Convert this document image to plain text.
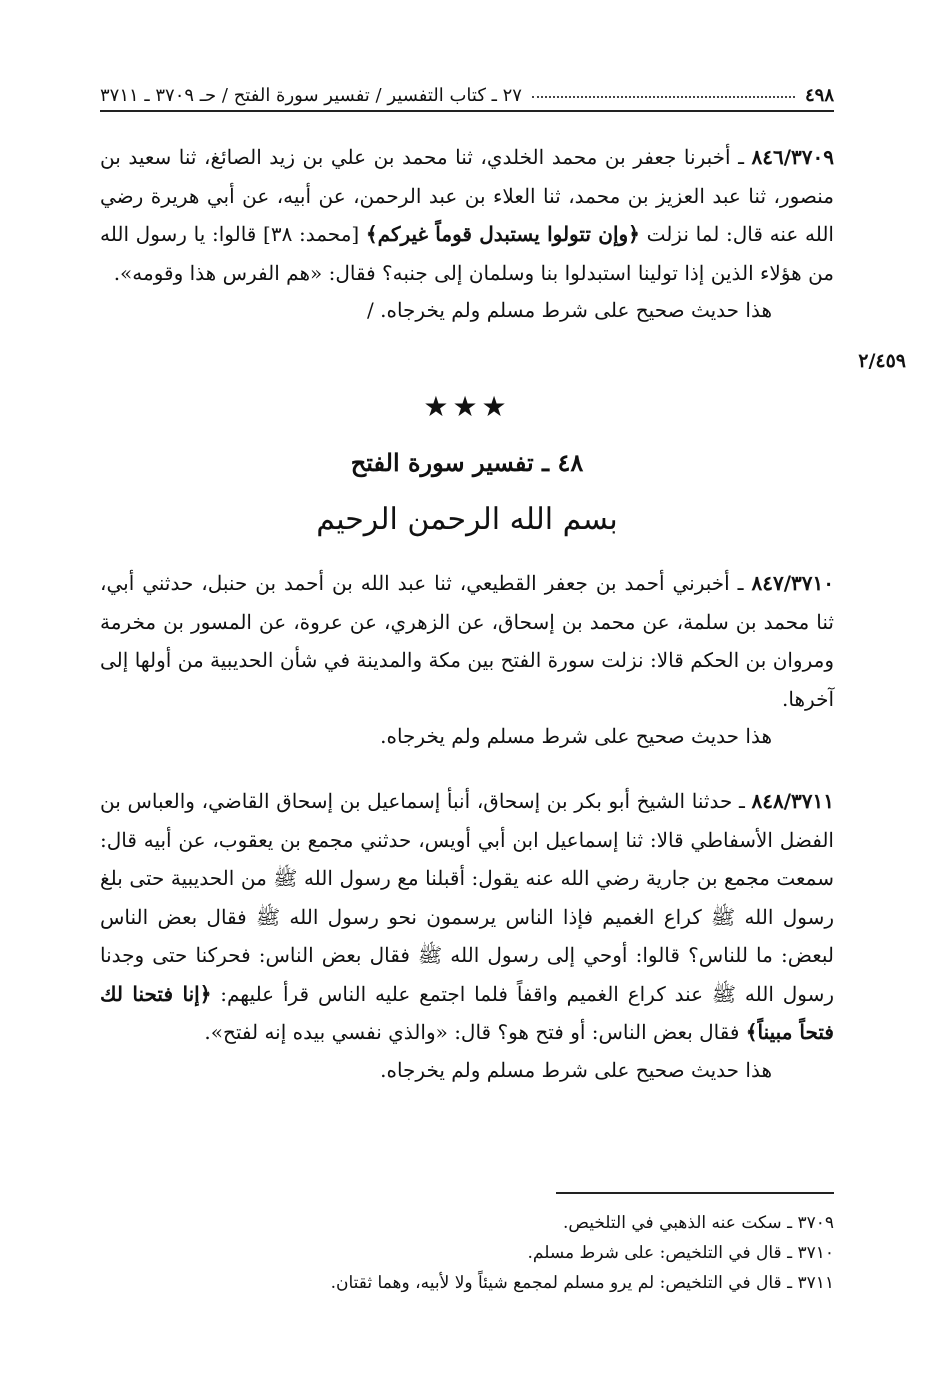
٤٩٨
٢٧ ـ كتاب التفسير / تفسير سورة الفتح / حـ ٣٧٠٩ ـ ٣٧١١

٨٤٦/٣٧٠٩ ـ أخبرنا جعفر بن محمد الخلدي، ثنا محمد بن علي بن زيد الصائغ، ثنا سعيد بن منصور، ثنا عبد العزيز بن محمد، ثنا العلاء بن عبد الرحمن، عن أبيه، عن أبي هريرة رضي الله عنه قال: لما نزلت ﴿وإن تتولوا يستبدل قوماً غيركم﴾ [محمد: ٣٨] قالوا: يا رسول الله من هؤلاء الذين إذا تولينا استبدلوا بنا وسلمان إلى جنبه؟ فقال: «هم الفرس هذا وقومه».

هذا حديث صحيح على شرط مسلم ولم يخرجاه. /

٢/٤٥٩
★★★
٤٨ ـ تفسير سورة الفتح
بسم الله الرحمن الرحيم

٨٤٧/٣٧١٠ ـ أخبرني أحمد بن جعفر القطيعي، ثنا عبد الله بن أحمد بن حنبل، حدثني أبي، ثنا محمد بن سلمة، عن محمد بن إسحاق، عن الزهري، عن عروة، عن المسور بن مخرمة ومروان بن الحكم قالا: نزلت سورة الفتح بين مكة والمدينة في شأن الحديبية من أولها إلى آخرها.

هذا حديث صحيح على شرط مسلم ولم يخرجاه.

٨٤٨/٣٧١١ ـ حدثنا الشيخ أبو بكر بن إسحاق، أنبأ إسماعيل بن إسحاق القاضي، والعباس بن الفضل الأسفاطي قالا: ثنا إسماعيل ابن أبي أويس، حدثني مجمع بن يعقوب، عن أبيه قال: سمعت مجمع بن جارية رضي الله عنه يقول: أقبلنا مع رسول الله ﷺ من الحديبية حتى بلغ رسول الله ﷺ كراع الغميم فإذا الناس يرسمون نحو رسول الله ﷺ فقال بعض الناس لبعض: ما للناس؟ قالوا: أوحي إلى رسول الله ﷺ فقال بعض الناس: فحركنا حتى وجدنا رسول الله ﷺ عند كراع الغميم واقفاً فلما اجتمع عليه الناس قرأ عليهم: ﴿إنا فتحنا لك فتحاً مبيناً﴾ فقال بعض الناس: أو فتح هو؟ قال: «والذي نفسي بيده إنه لفتح».

هذا حديث صحيح على شرط مسلم ولم يخرجاه.

٣٧٠٩ ـ سكت عنه الذهبي في التلخيص.
٣٧١٠ ـ قال في التلخيص: على شرط مسلم.
٣٧١١ ـ قال في التلخيص: لم يرو مسلم لمجمع شيئاً ولا لأبيه، وهما ثقتان.
